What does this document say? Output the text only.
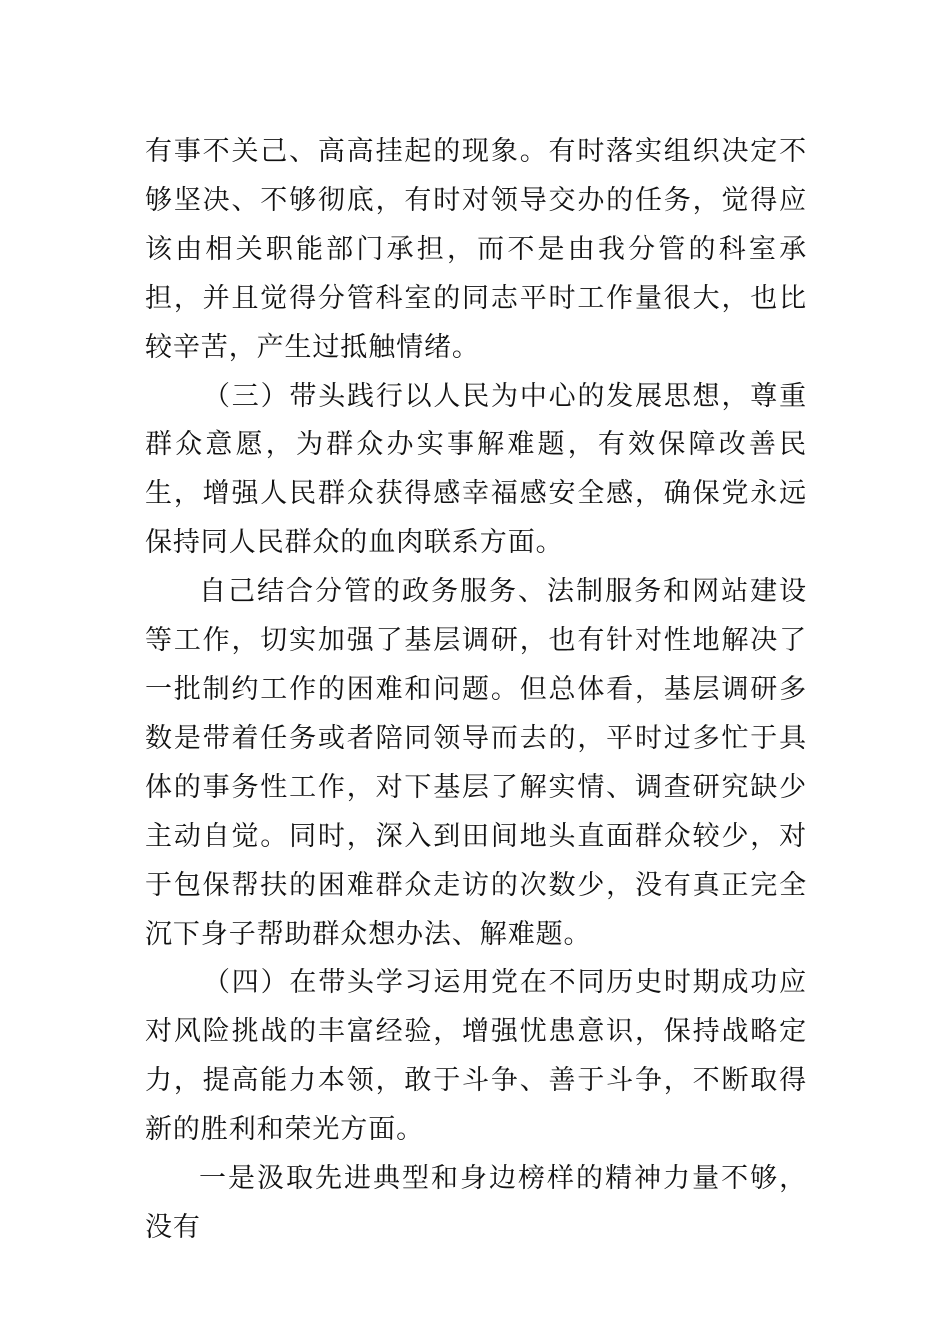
有事不关己、高高挂起的现象。有时落实组织决定不够坚决、不够彻底，有时对领导交办的任务，觉得应该由相关职能部门承担，而不是由我分管的科室承担，并且觉得分管科室的同志平时工作量很大，也比较辛苦，产生过抵触情绪。

（三）带头践行以人民为中心的发展思想，尊重群众意愿，为群众办实事解难题，有效保障改善民生，增强人民群众获得感幸福感安全感，确保党永远保持同人民群众的血肉联系方面。

自己结合分管的政务服务、法制服务和网站建设等工作，切实加强了基层调研，也有针对性地解决了一批制约工作的困难和问题。但总体看，基层调研多数是带着任务或者陪同领导而去的，平时过多忙于具体的事务性工作，对下基层了解实情、调查研究缺少主动自觉。同时，深入到田间地头直面群众较少，对于包保帮扶的困难群众走访的次数少，没有真正完全沉下身子帮助群众想办法、解难题。

（四）在带头学习运用党在不同历史时期成功应对风险挑战的丰富经验，增强忧患意识，保持战略定力，提高能力本领，敢于斗争、善于斗争，不断取得新的胜利和荣光方面。

一是汲取先进典型和身边榜样的精神力量不够，没有
